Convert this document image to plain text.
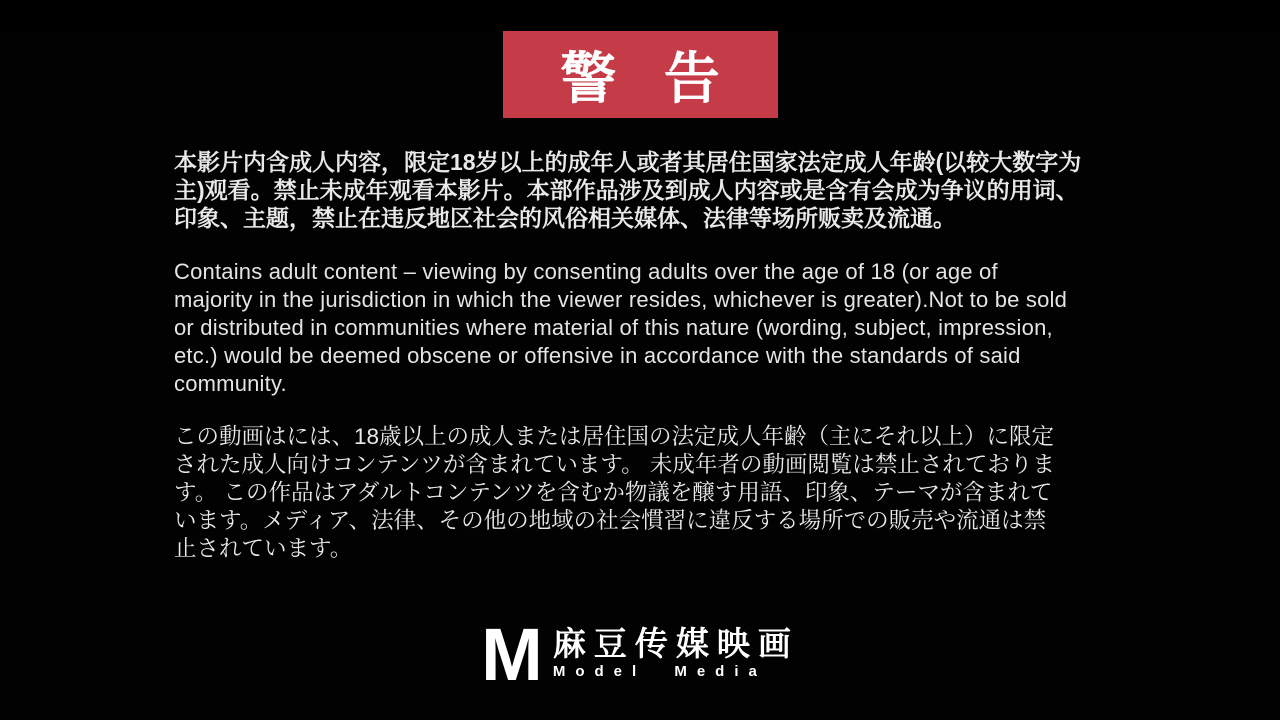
警 告
本影片内含成人内容，限定18岁以上的成年人或者其居住国家法定成人年龄(以较大数字为
主)观看。禁止未成年观看本影片。本部作品涉及到成人内容或是含有会成为争议的用词、
印象、主题，禁止在违反地区社会的风俗相关媒体、法律等场所贩卖及流通。
Contains adult content – viewing by consenting adults over the age of 18 (or age of
majority in the jurisdiction in which the viewer resides, whichever is greater).Not to be sold
or distributed in communities where material of this nature (wording, subject, impression,
etc.) would be deemed obscene or offensive in accordance with the standards of said
community.
この動画はには、18歳以上の成人または居住国の法定成人年齢（主にそれ以上）に限定
された成人向けコンテンツが含まれています。 未成年者の動画閲覧は禁止されておりま
す。 この作品はアダルトコンテンツを含むか物議を醸す用語、印象、テーマが含まれて
います。メディア、法律、その他の地域の社会慣習に違反する場所での販売や流通は禁
止されています。
M 麻豆传媒映画
Model Media
